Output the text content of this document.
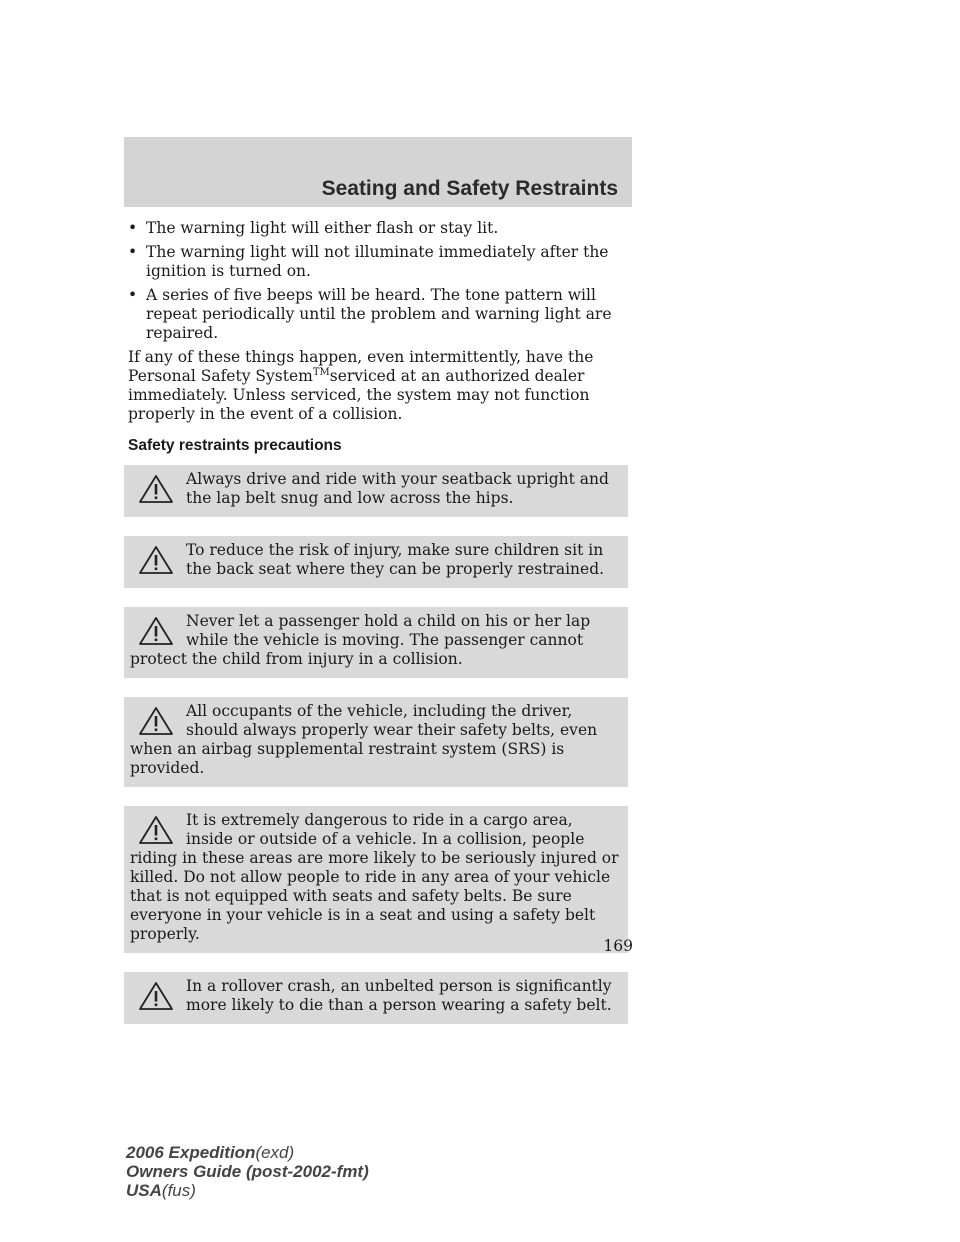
Seating and Safety Restraints
• The warning light will either flash or stay lit.
• The warning light will not illuminate immediately after the ignition is turned on.
• A series of five beeps will be heard. The tone pattern will repeat periodically until the problem and warning light are repaired.

If any of these things happen, even intermittently, have the Personal Safety System™serviced at an authorized dealer immediately. Unless serviced, the system may not function properly in the event of a collision.

Safety restraints precautions
Always drive and ride with your seatback upright and the lap belt snug and low across the hips.
To reduce the risk of injury, make sure children sit in the back seat where they can be properly restrained.
Never let a passenger hold a child on his or her lap while the vehicle is moving. The passenger cannot protect the child from injury in a collision.
All occupants of the vehicle, including the driver, should always properly wear their safety belts, even when an airbag supplemental restraint system (SRS) is provided.
It is extremely dangerous to ride in a cargo area, inside or outside of a vehicle. In a collision, people riding in these areas are more likely to be seriously injured or killed. Do not allow people to ride in any area of your vehicle that is not equipped with seats and safety belts. Be sure everyone in your vehicle is in a seat and using a safety belt properly.
In a rollover crash, an unbelted person is significantly more likely to die than a person wearing a safety belt.
169
2006 Expedition(exd)
Owners Guide (post-2002-fmt)
USA(fus)
